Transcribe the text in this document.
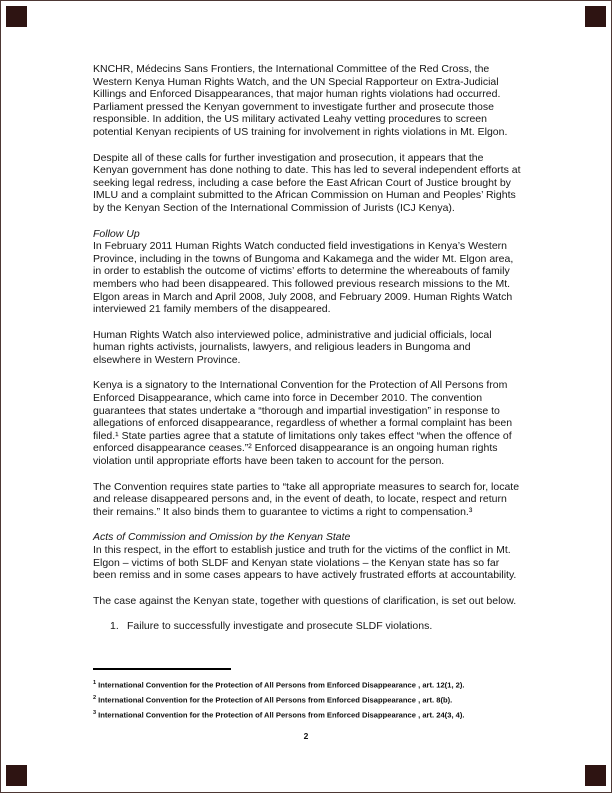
KNCHR, Médecins Sans Frontiers, the International Committee of the Red Cross, the Western Kenya Human Rights Watch, and the UN Special Rapporteur on Extra-Judicial Killings and Enforced Disappearances, that major human rights violations had occurred. Parliament pressed the Kenyan government to investigate further and prosecute those responsible. In addition, the US military activated Leahy vetting procedures to screen potential Kenyan recipients of US training for involvement in rights violations in Mt. Elgon.

Despite all of these calls for further investigation and prosecution, it appears that the Kenyan government has done nothing to date. This has led to several independent efforts at seeking legal redress, including a case before the East African Court of Justice brought by IMLU and a complaint submitted to the African Commission on Human and Peoples’ Rights by the Kenyan Section of the International Commission of Jurists (ICJ Kenya).

Follow Up

In February 2011 Human Rights Watch conducted field investigations in Kenya’s Western Province, including in the towns of Bungoma and Kakamega and the wider Mt. Elgon area, in order to establish the outcome of victims’ efforts to determine the whereabouts of family members who had been disappeared. This followed previous research missions to the Mt. Elgon areas in March and April 2008, July 2008, and February 2009. Human Rights Watch interviewed 21 family members of the disappeared.

Human Rights Watch also interviewed police, administrative and judicial officials, local human rights activists, journalists, lawyers, and religious leaders in Bungoma and elsewhere in Western Province.

Kenya is a signatory to the International Convention for the Protection of All Persons from Enforced Disappearance, which came into force in December 2010. The convention guarantees that states undertake a “thorough and impartial investigation” in response to allegations of enforced disappearance, regardless of whether a formal complaint has been filed.¹ State parties agree that a statute of limitations only takes effect “when the offence of enforced disappearance ceases.”² Enforced disappearance is an ongoing human rights violation until appropriate efforts have been taken to account for the person.

The Convention requires state parties to “take all appropriate measures to search for, locate and release disappeared persons and, in the event of death, to locate, respect and return their remains.” It also binds them to guarantee to victims a right to compensation.³

Acts of Commission and Omission by the Kenyan State

In this respect, in the effort to establish justice and truth for the victims of the conflict in Mt. Elgon – victims of both SLDF and Kenyan state violations – the Kenyan state has so far been remiss and in some cases appears to have actively frustrated efforts at accountability.

The case against the Kenyan state, together with questions of clarification, is set out below.

1. Failure to successfully investigate and prosecute SLDF violations.
$^1$ International Convention for the Protection of All Persons from Enforced Disappearance , art. 12(1, 2).
$^2$ International Convention for the Protection of All Persons from Enforced Disappearance , art. 8(b).
$^3$ International Convention for the Protection of All Persons from Enforced Disappearance , art. 24(3, 4).
2
